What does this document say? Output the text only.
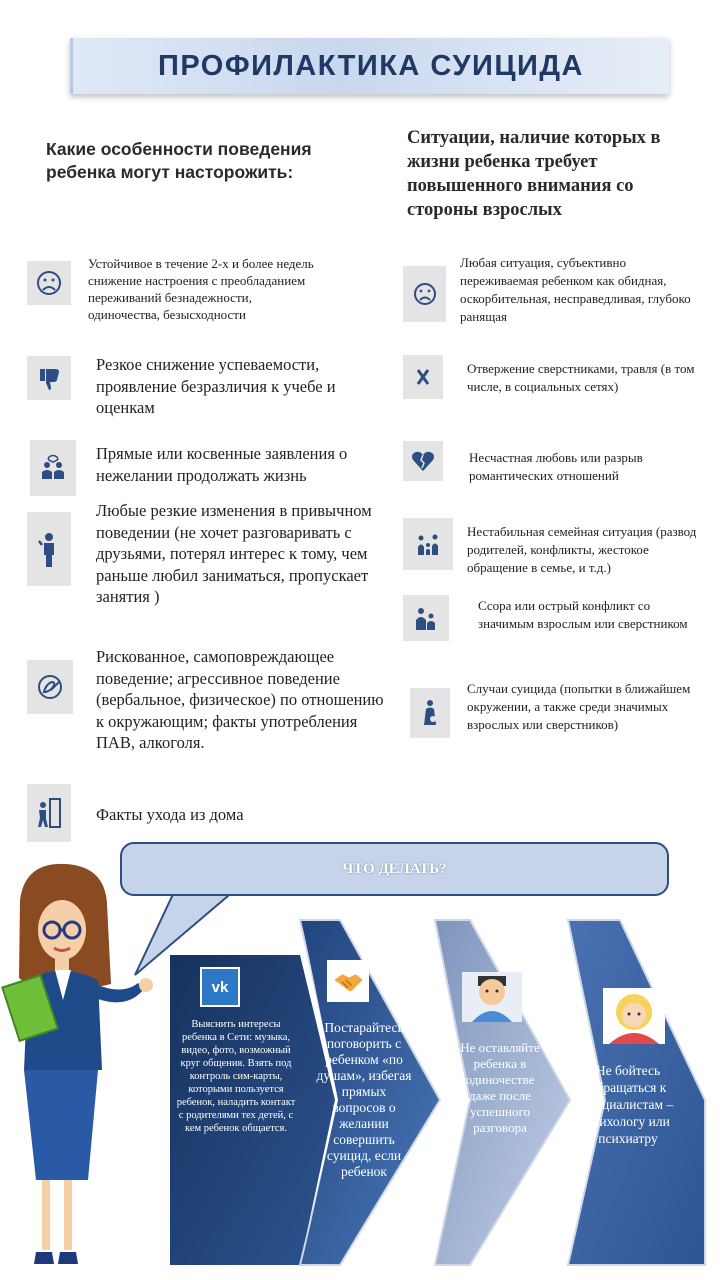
ПРОФИЛАКТИКА СУИЦИДА
Какие особенности поведения ребенка могут насторожить:
Ситуации, наличие которых в жизни ребенка требует повышенного внимания со стороны взрослых
Устойчивое в течение 2-х и более недель снижение настроения с преобладанием переживаний безнадежности, одиночества, безысходности
Резкое снижение успеваемости, проявление безразличия к учебе и оценкам
Прямые или косвенные заявления о нежелании продолжать жизнь
Любые резкие изменения в привычном поведении (не хочет разговаривать с друзьями, потерял интерес к тому, чем раньше любил заниматься, пропускает занятия )
Рискованное, самоповреждающее поведение; агрессивное поведение (вербальное, физическое) по отношению к окружающим; факты употребления ПАВ, алкоголя.
Факты ухода из дома
Любая ситуация, субъективно переживаемая ребенком как обидная, оскорбительная, несправедливая, глубоко ранящая
Отвержение сверстниками, травля (в том числе, в социальных сетях)
Несчастная любовь или разрыв романтических отношений
Нестабильная семейная ситуация (развод родителей, конфликты, жестокое обращение в семье, и т.д.)
Ссора или острый конфликт со значимым взрослым или сверстником
Случаи суицида (попытки в ближайшем окружении, а также среди значимых взрослых или сверстников)
ЧТО ДЕЛАТЬ?
vk
Выяснить интересы ребенка в Сети: музыка, видео, фото, возможный круг общения. Взять под контроль сим-карты, которыми пользуется ребенок, наладить контакт с родителями тех детей, с кем ребенок общается.
Постарайтесь поговорить с ребенком «по душам», избегая прямых вопросов о желании совершить суицид, если ребенок
Не оставляйте ребенка в одиночестве даже после успешного разговора
Не бойтесь обращаться к специалистам – психологу или психиатру
